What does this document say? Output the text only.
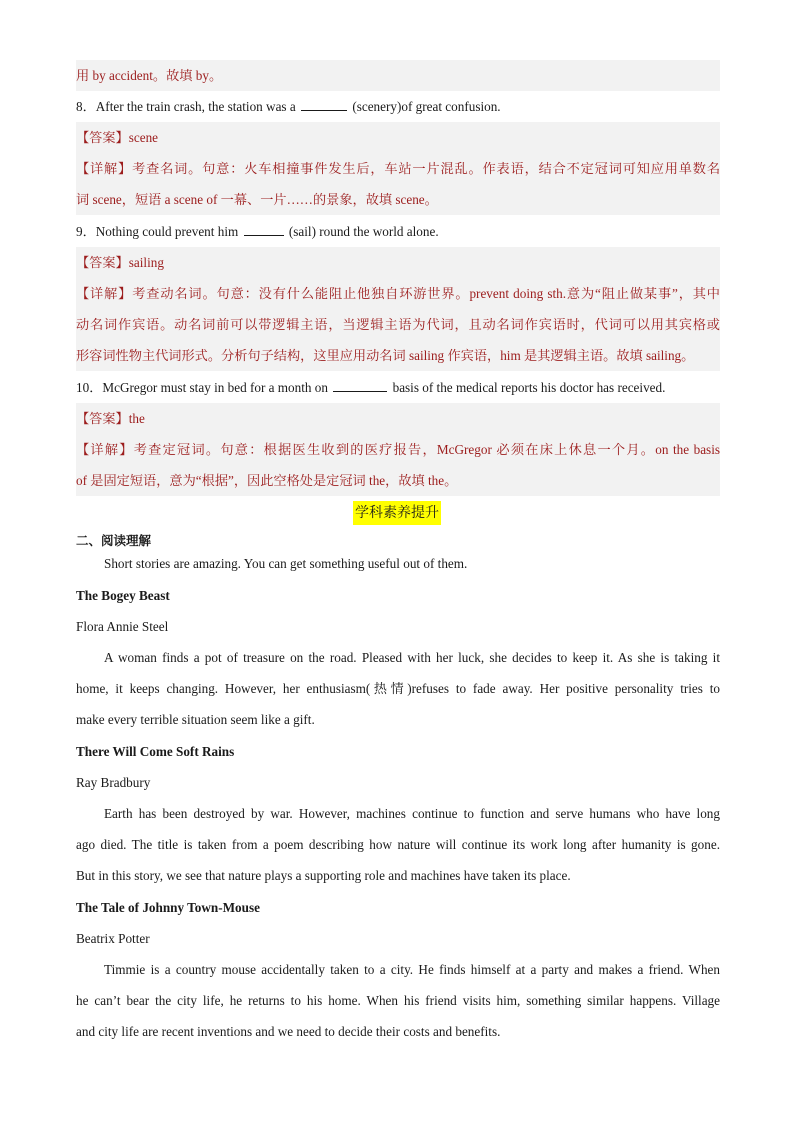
用 by accident。故填 by。
8．After the train crash, the station was a	(scenery)of great confusion.
【答案】scene
【详解】考查名词。句意：火车相撞事件发生后，车站一片混乱。作表语，结合不定冠词可知应用单数名
词 scene，短语 a scene of 一幕、一片……的景象，故填 scene。
9．Nothing could prevent him	(sail) round the world alone.
【答案】sailing
【详解】考查动名词。句意：没有什么能阻止他独自环游世界。prevent doing sth.意为“阻止做某事”，其中
动名词作宾语。动名词前可以带逻辑主语，当逻辑主语为代词，且动名词作宾语时，代词可以用其宾格或
形容词性物主代词形式。分析句子结构，这里应用动名词 sailing 作宾语，him 是其逻辑主语。故填 sailing。
10．McGregor must stay in bed for a month on	basis of the medical reports his doctor has received.
【答案】the
【详解】考查定冠词。句意：根据医生收到的医疗报告，McGregor 必须在床上休息一个月。on the basis
of 是固定短语，意为“根据”，因此空格处是定冠词 the，故填 the。
学科素养提升
二、阅读理解
Short stories are amazing. You can get something useful out of them.
The Bogey Beast
Flora Annie Steel
A woman finds a pot of treasure on the road. Pleased with her luck, she decides to keep it. As she is taking it
home, it keeps changing. However, her enthusiasm(热情)refuses to fade away. Her positive personality tries to
make every terrible situation seem like a gift.
There Will Come Soft Rains
Ray Bradbury
Earth has been destroyed by war. However, machines continue to function and serve humans who have long
ago died. The title is taken from a poem describing how nature will continue its work long after humanity is gone.
But in this story, we see that nature plays a supporting role and machines have taken its place.
The Tale of Johnny Town-Mouse
Beatrix Potter
Timmie is a country mouse accidentally taken to a city. He finds himself at a party and makes a friend. When
he can’t bear the city life, he returns to his home. When his friend visits him, something similar happens. Village
and city life are recent inventions and we need to decide their costs and benefits.
